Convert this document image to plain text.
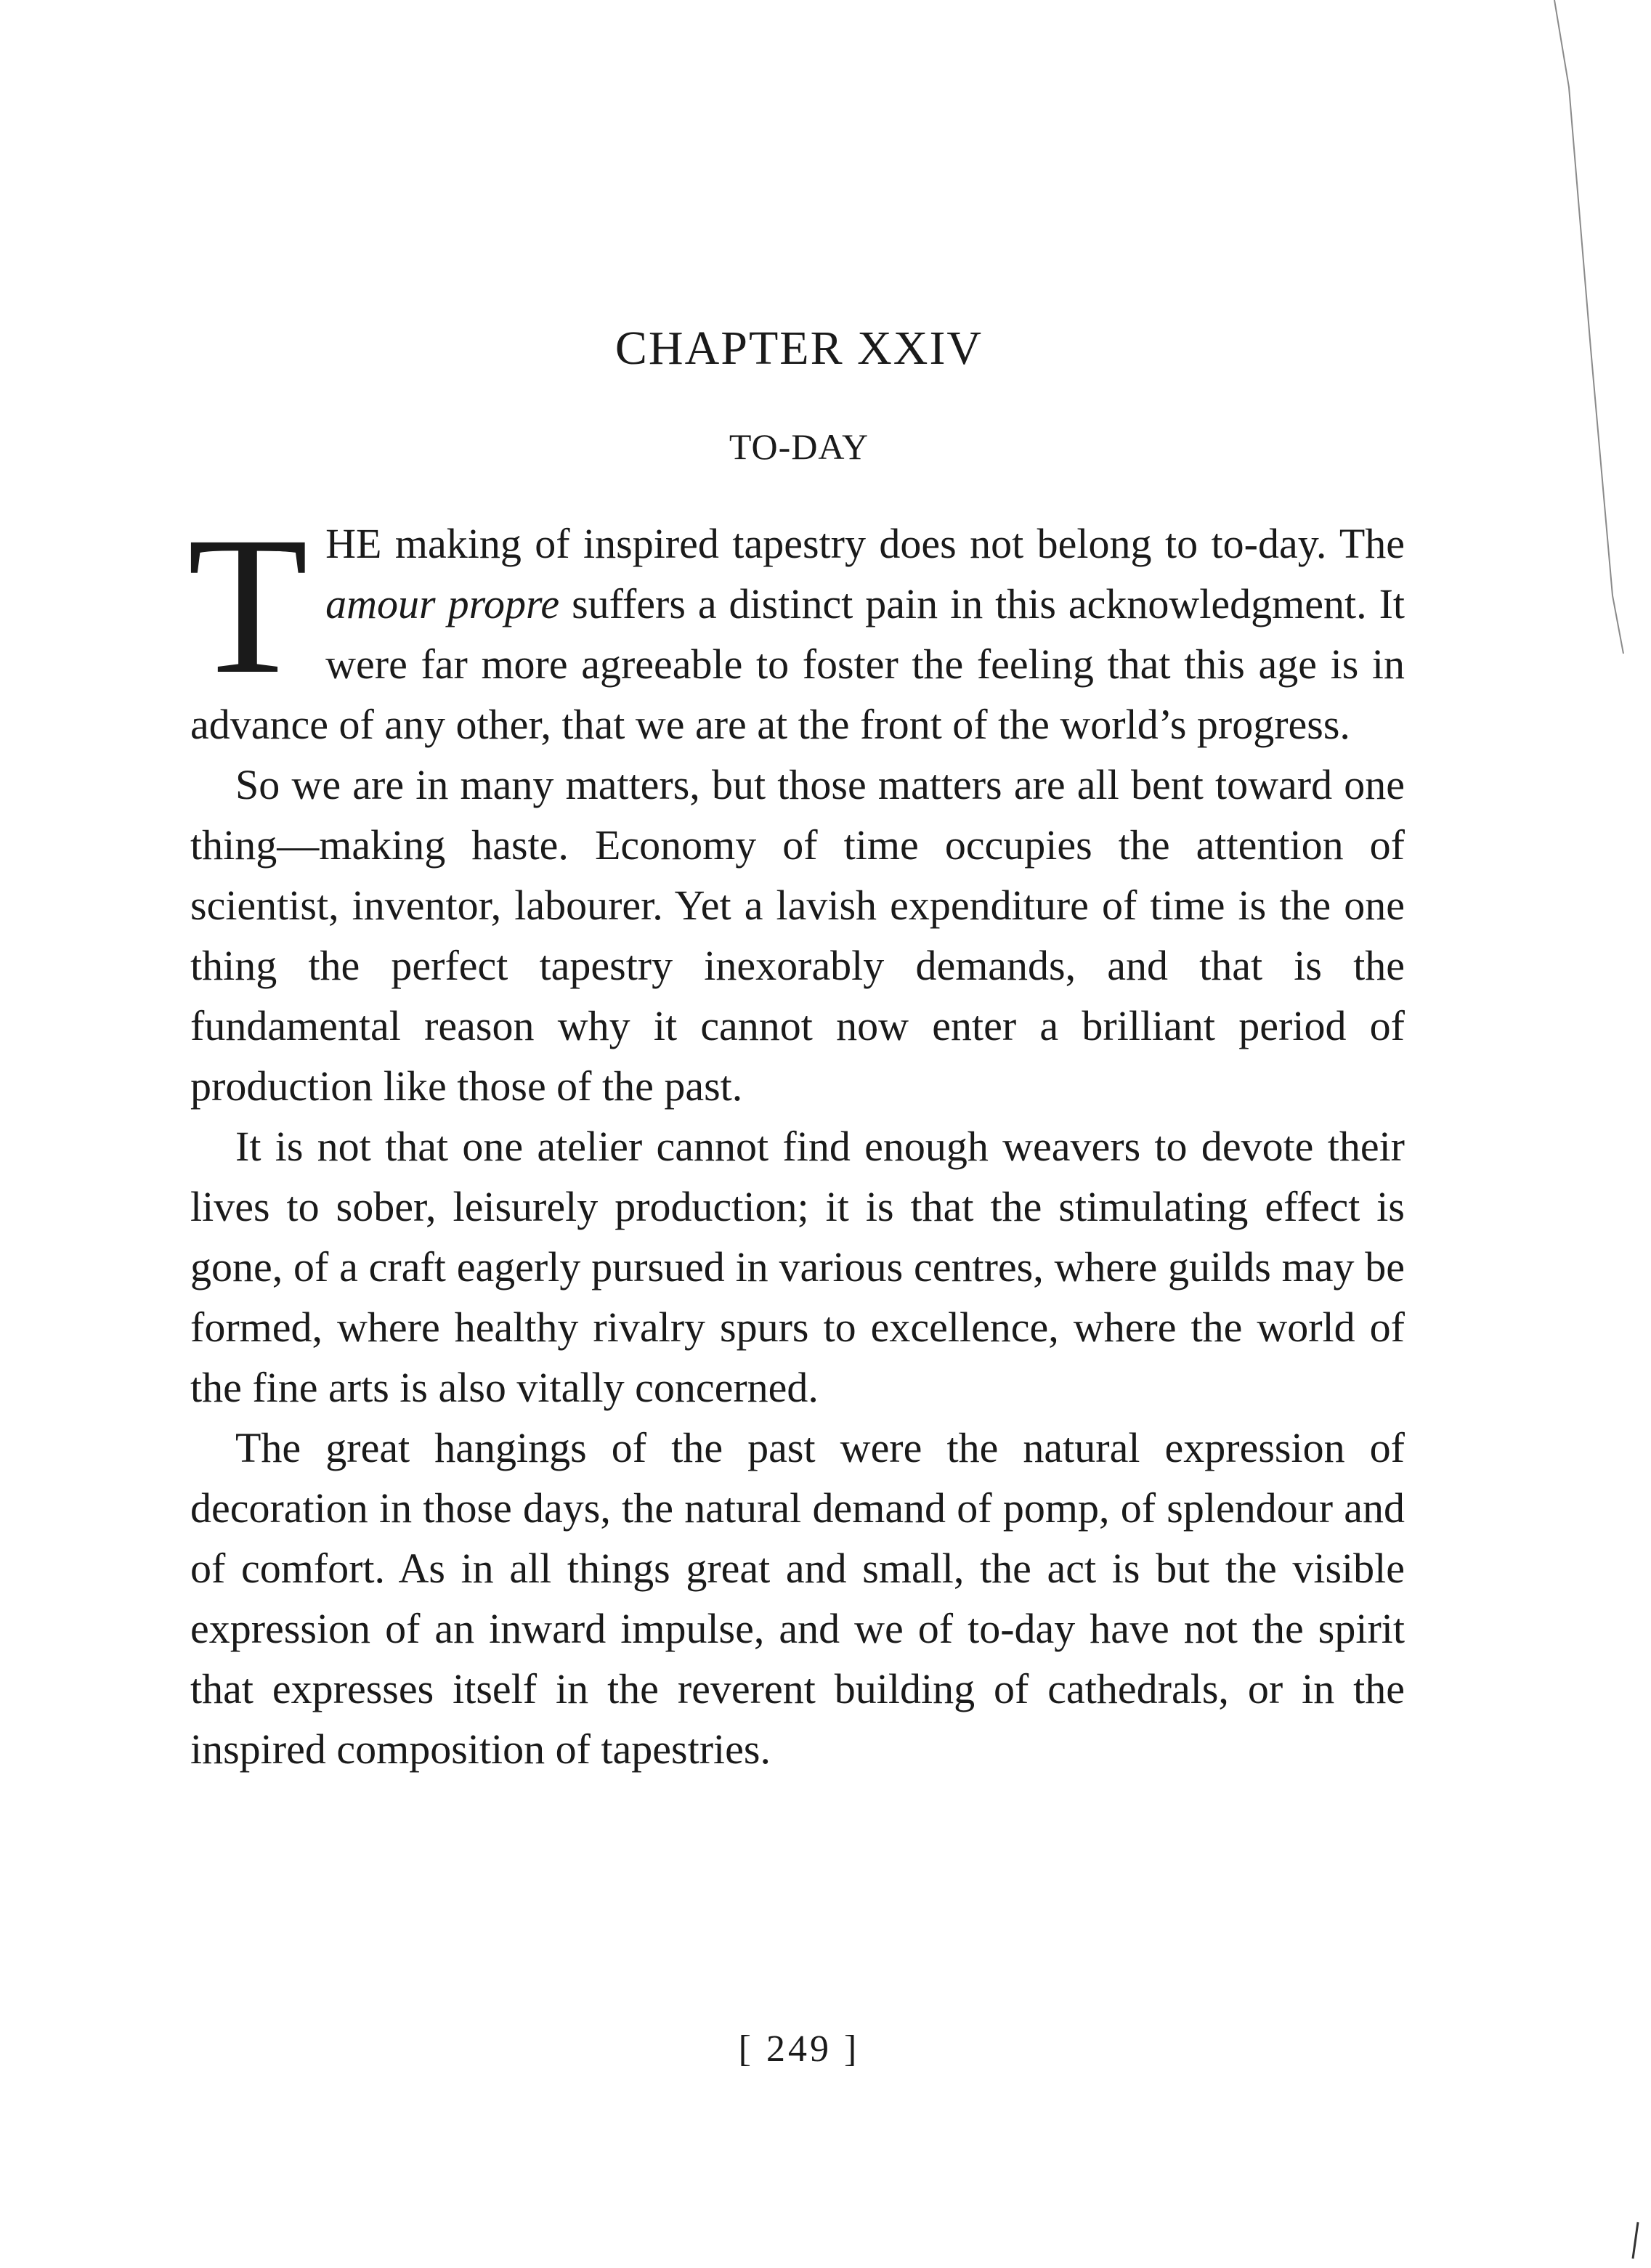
CHAPTER XXIV
TO-DAY

THE making of inspired tapestry does not belong to to-day. The amour propre suffers a distinct pain in this acknowledgment. It were far more agreeable to foster the feeling that this age is in advance of any other, that we are at the front of the world’s progress.

So we are in many matters, but those matters are all bent toward one thing—making haste. Economy of time occupies the attention of scientist, inventor, labourer. Yet a lavish expenditure of time is the one thing the perfect tapestry inexorably demands, and that is the fundamental reason why it cannot now enter a brilliant period of production like those of the past.

It is not that one atelier cannot find enough weavers to devote their lives to sober, leisurely production; it is that the stimulating effect is gone, of a craft eagerly pursued in various centres, where guilds may be formed, where healthy rivalry spurs to excellence, where the world of the fine arts is also vitally concerned.

The great hangings of the past were the natural expression of decoration in those days, the natural demand of pomp, of splendour and of comfort. As in all things great and small, the act is but the visible expression of an inward impulse, and we of to-day have not the spirit that expresses itself in the reverent building of cathedrals, or in the inspired composition of tapestries.

[ 249 ]
